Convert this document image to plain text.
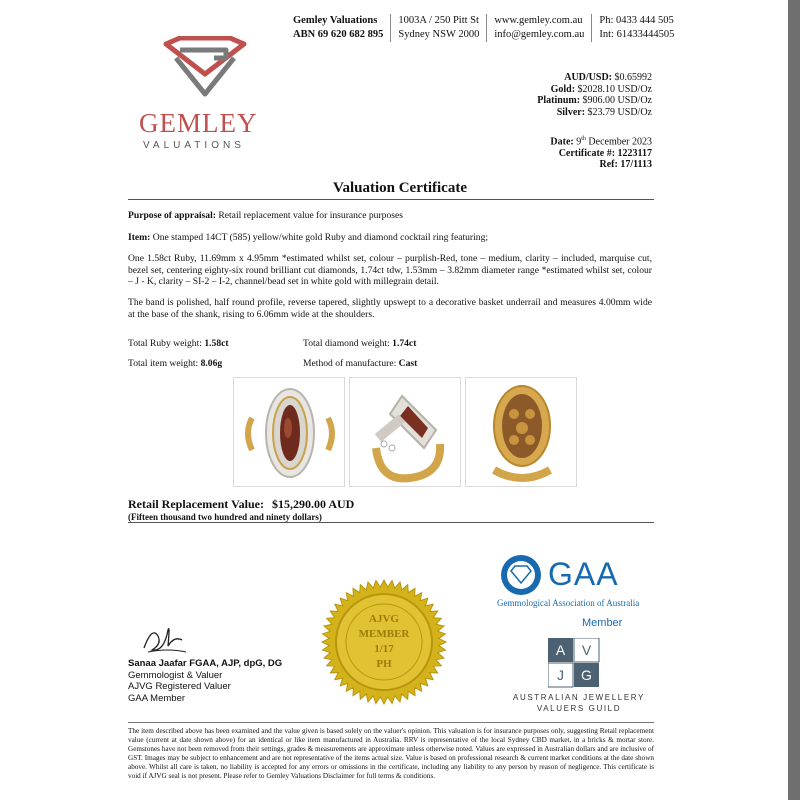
Gemley Valuations
ABN 69 620 682 895
1003A / 250 Pitt St
Sydney NSW 2000
www.gemley.com.au
info@gemley.com.au
Ph: 0433 444 505
Int: 61433444505
GEMLEY
VALUATIONS
AUD/USD: $0.65992
Gold: $2028.10 USD/Oz
Platinum: $906.00 USD/Oz
Silver: $23.79 USD/Oz
Date: 9th December 2023
Certificate #: 1223117
Ref: 17/1113
Valuation Certificate
Purpose of appraisal: Retail replacement value for insurance purposes
Item: One stamped 14CT (585) yellow/white gold Ruby and diamond cocktail ring featuring;
One 1.58ct Ruby, 11.69mm x 4.95mm *estimated whilst set, colour – purplish-Red, tone – medium, clarity – included, marquise cut, bezel set, centering eighty-six round brilliant cut diamonds, 1.74ct tdw, 1.53mm – 3.82mm diameter range *estimated whilst set, colour – J - K, clarity – SI-2 – I-2, channel/bead set in white gold with millegrain detail.
The band is polished, half round profile, reverse tapered, slightly upswept to a decorative basket underrail and measures 4.00mm wide at the base of the shank, rising to 6.06mm wide at the shoulders.
Total Ruby weight: 1.58ct	Total diamond weight: 1.74ct
Total item weight: 8.06g	Method of manufacture: Cast
Retail Replacement Value: $15,290.00 AUD
(Fifteen thousand two hundred and ninety dollars)
AJVG
MEMBER
1/17
PH
GAA
Gemmological Association of Australia
Member
A V
J G
AUSTRALIAN JEWELLERY
VALUERS GUILD
Sanaa Jaafar FGAA, AJP, dpG, DG
Gemmologist & Valuer
AJVG Registered Valuer
GAA Member
The item described above has been examined and the value given is based solely on the valuer's opinion. This valuation is for insurance purposes only, suggesting Retail replacement value (current at date shown above) for an identical or like item manufactured in Australia. RRV is representative of the local Sydney CBD market, in a bricks & mortar store. Gemstones have not been removed from their settings, grades & measurements are approximate unless otherwise noted. Values are expressed in Australian dollars and are inclusive of GST. Images may be subject to enhancement and are not representative of the items actual size. Value is based on professional research & current market conditions at the date shown above. Whilst all care is taken, no liability is accepted for any errors or omissions in the certificate, including any liability to any person by reason of negligence. This certificate is void if AJVG seal is not present. Please refer to Gemley Valuations Disclaimer for full terms & conditions.
